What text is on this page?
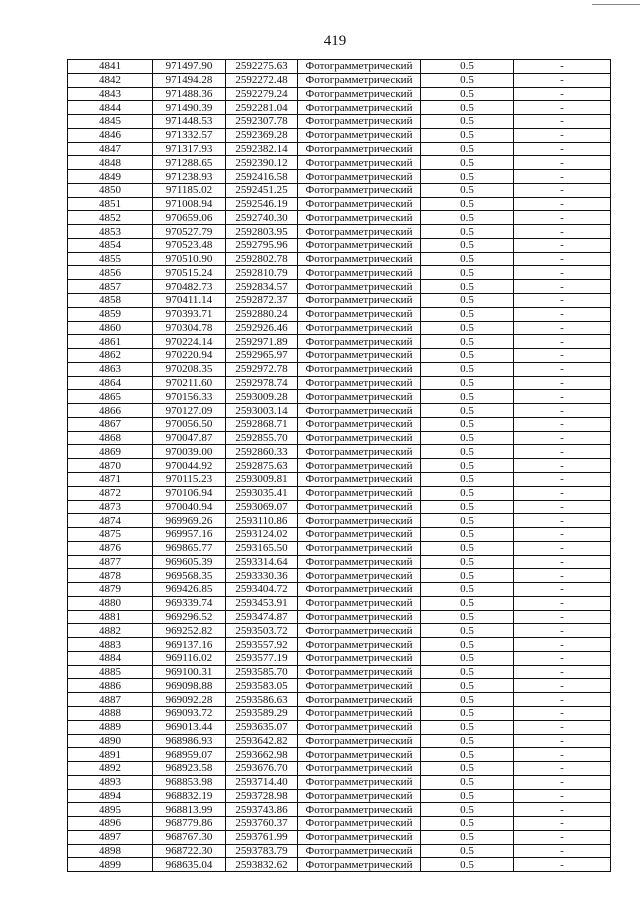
419
4841	971497.90	2592275.63	Фотограмметрический	0.5	-
4842	971494.28	2592272.48	Фотограмметрический	0.5	-
4843	971488.36	2592279.24	Фотограмметрический	0.5	-
4844	971490.39	2592281.04	Фотограмметрический	0.5	-
4845	971448.53	2592307.78	Фотограмметрический	0.5	-
4846	971332.57	2592369.28	Фотограмметрический	0.5	-
4847	971317.93	2592382.14	Фотограмметрический	0.5	-
4848	971288.65	2592390.12	Фотограмметрический	0.5	-
4849	971238.93	2592416.58	Фотограмметрический	0.5	-
4850	971185.02	2592451.25	Фотограмметрический	0.5	-
4851	971008.94	2592546.19	Фотограмметрический	0.5	-
4852	970659.06	2592740.30	Фотограмметрический	0.5	-
4853	970527.79	2592803.95	Фотограмметрический	0.5	-
4854	970523.48	2592795.96	Фотограмметрический	0.5	-
4855	970510.90	2592802.78	Фотограмметрический	0.5	-
4856	970515.24	2592810.79	Фотограмметрический	0.5	-
4857	970482.73	2592834.57	Фотограмметрический	0.5	-
4858	970411.14	2592872.37	Фотограмметрический	0.5	-
4859	970393.71	2592880.24	Фотограмметрический	0.5	-
4860	970304.78	2592926.46	Фотограмметрический	0.5	-
4861	970224.14	2592971.89	Фотограмметрический	0.5	-
4862	970220.94	2592965.97	Фотограмметрический	0.5	-
4863	970208.35	2592972.78	Фотограмметрический	0.5	-
4864	970211.60	2592978.74	Фотограмметрический	0.5	-
4865	970156.33	2593009.28	Фотограмметрический	0.5	-
4866	970127.09	2593003.14	Фотограмметрический	0.5	-
4867	970056.50	2592868.71	Фотограмметрический	0.5	-
4868	970047.87	2592855.70	Фотограмметрический	0.5	-
4869	970039.00	2592860.33	Фотограмметрический	0.5	-
4870	970044.92	2592875.63	Фотограмметрический	0.5	-
4871	970115.23	2593009.81	Фотограмметрический	0.5	-
4872	970106.94	2593035.41	Фотограмметрический	0.5	-
4873	970040.94	2593069.07	Фотограмметрический	0.5	-
4874	969969.26	2593110.86	Фотограмметрический	0.5	-
4875	969957.16	2593124.02	Фотограмметрический	0.5	-
4876	969865.77	2593165.50	Фотограмметрический	0.5	-
4877	969605.39	2593314.64	Фотограмметрический	0.5	-
4878	969568.35	2593330.36	Фотограмметрический	0.5	-
4879	969426.85	2593404.72	Фотограмметрический	0.5	-
4880	969339.74	2593453.91	Фотограмметрический	0.5	-
4881	969296.52	2593474.87	Фотограмметрический	0.5	-
4882	969252.82	2593503.72	Фотограмметрический	0.5	-
4883	969137.16	2593557.92	Фотограмметрический	0.5	-
4884	969116.02	2593577.19	Фотограмметрический	0.5	-
4885	969100.31	2593585.70	Фотограмметрический	0.5	-
4886	969098.88	2593583.05	Фотограмметрический	0.5	-
4887	969092.28	2593586.63	Фотограмметрический	0.5	-
4888	969093.72	2593589.29	Фотограмметрический	0.5	-
4889	969013.44	2593635.07	Фотограмметрический	0.5	-
4890	968986.93	2593642.82	Фотограмметрический	0.5	-
4891	968959.07	2593662.98	Фотограмметрический	0.5	-
4892	968923.58	2593676.70	Фотограмметрический	0.5	-
4893	968853.98	2593714.40	Фотограмметрический	0.5	-
4894	968832.19	2593728.98	Фотограмметрический	0.5	-
4895	968813.99	2593743.86	Фотограмметрический	0.5	-
4896	968779.86	2593760.37	Фотограмметрический	0.5	-
4897	968767.30	2593761.99	Фотограмметрический	0.5	-
4898	968722.30	2593783.79	Фотограмметрический	0.5	-
4899	968635.04	2593832.62	Фотограмметрический	0.5	-
